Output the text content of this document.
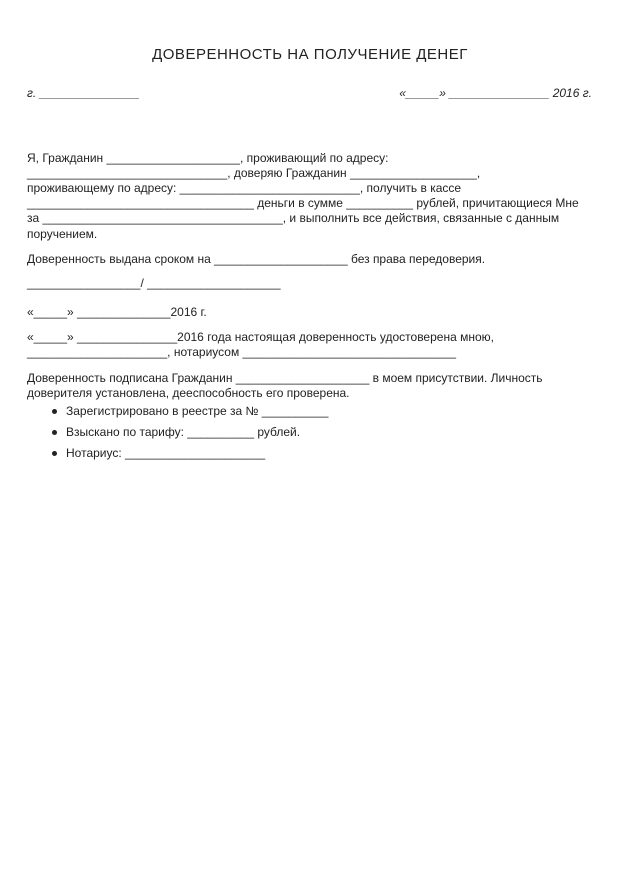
ДОВЕРЕННОСТЬ НА ПОЛУЧЕНИЕ ДЕНЕГ
г. _______________	«_____» _______________ 2016 г.
Я, Гражданин ____________________, проживающий по адресу:
______________________________, доверяю Гражданин ___________________,
проживающему по адресу: ___________________________, получить в кассе
__________________________________ деньги в сумме __________ рублей, причитающиеся Мне
за ____________________________________, и выполнить все действия, связанные с данным
поручением.
Доверенность выдана сроком на ____________________ без права передоверия.
_________________/ ____________________
«_____» ______________2016 г.
«_____» _______________2016 года настоящая доверенность удостоверена мною,
_____________________, нотариусом ________________________________
Доверенность подписана Гражданин ____________________ в моем присутствии. Личность
доверителя установлена, дееспособность его проверена.
Зарегистрировано в реестре за № __________
Взыскано по тарифу: __________ рублей.
Нотариус: _____________________
